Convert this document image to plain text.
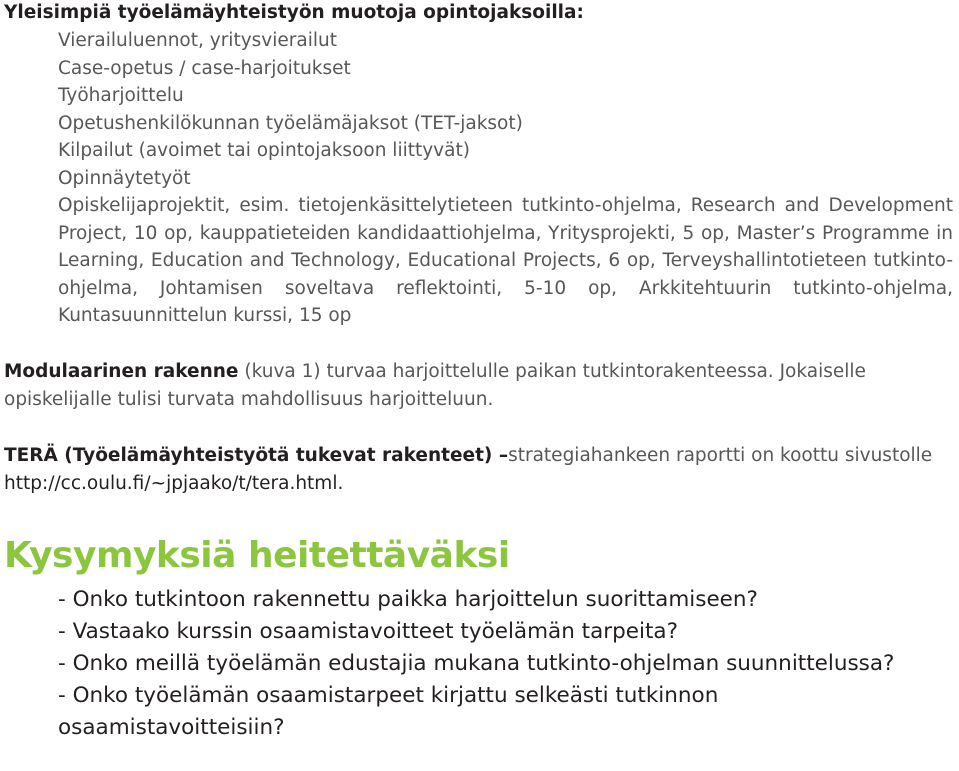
Yleisimpiä työelämäyhteistyön muotoja opintojaksoilla:
Vierailuluennot, yritysvierailut
Case-opetus / case-harjoitukset
Työharjoittelu
Opetushenkilökunnan työelämäjaksot (TET-jaksot)
Kilpailut (avoimet tai opintojaksoon liittyvät)
Opinnäytetyöt
Opiskelijaprojektit, esim. tietojenkäsittelytieteen tutkinto-ohjelma, Research and Development Project, 10 op, kauppatieteiden kandidaattiohjelma, Yritysprojekti, 5 op, Master’s Programme in Learning, Education and Technology, Educational Projects, 6 op, Terveyshallintotieteen tutkinto-ohjelma, Johtamisen soveltava reflektointi, 5-10 op, Arkkitehtuurin tutkinto-ohjelma, Kuntasuunnittelun kurssi, 15 op

Modulaarinen rakenne (kuva 1) turvaa harjoittelulle paikan tutkintorakenteessa. Jokaiselle opiskelijalle tulisi turvata mahdollisuus harjoitteluun.

TERÄ (Työelämäyhteistyötä tukevat rakenteet) –strategiahankeen raportti on koottu sivustolle http://cc.oulu.fi/~jpjaako/t/tera.html.

Kysymyksiä heitettäväksi
- Onko tutkintoon rakennettu paikka harjoittelun suorittamiseen?
- Vastaako kurssin osaamistavoitteet työelämän tarpeita?
- Onko meillä työelämän edustajia mukana tutkinto-ohjelman suunnittelussa?
- Onko työelämän osaamistarpeet kirjattu selkeästi tutkinnon osaamistavoitteisiin?
